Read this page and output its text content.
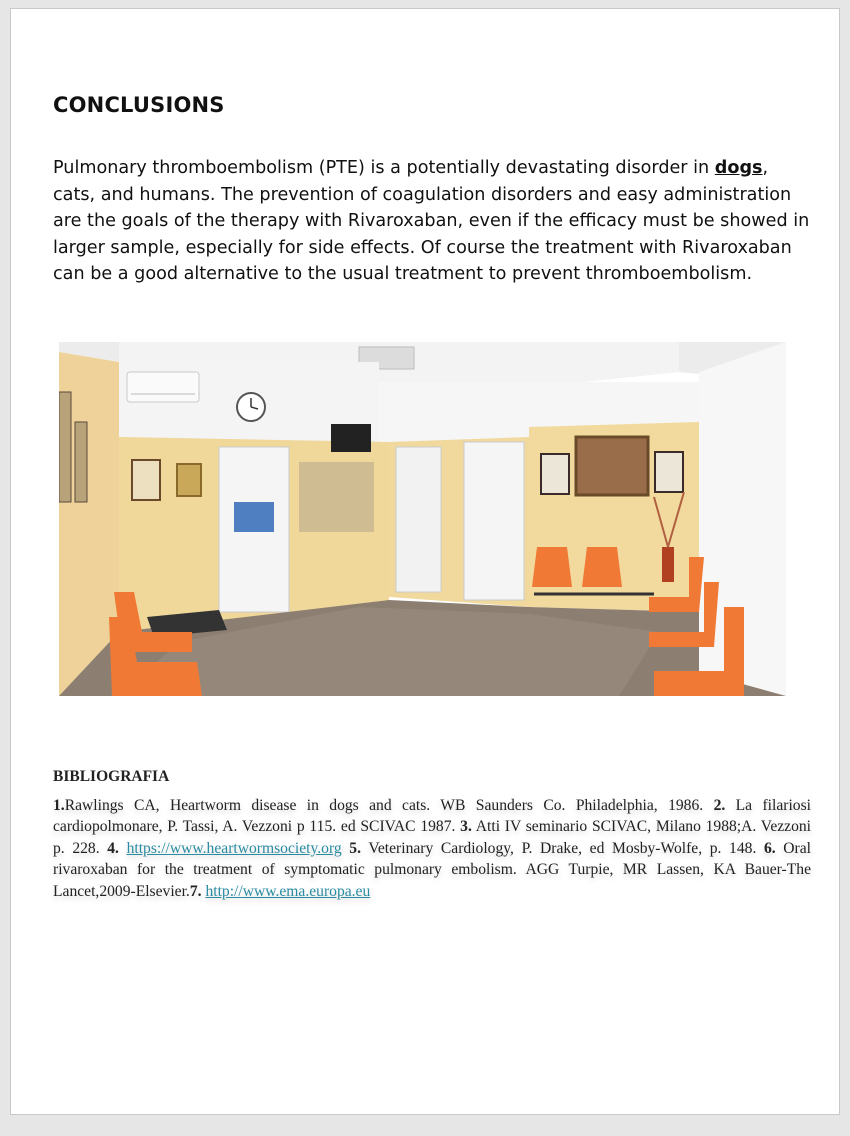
CONCLUSIONS
Pulmonary thromboembolism (PTE) is a potentially devastating disorder in dogs, cats, and humans. The prevention of coagulation disorders and easy administration are the goals of the therapy with Rivaroxaban, even if the efficacy must be showed in larger sample, especially for side effects. Of course the treatment with Rivaroxaban can be a good alternative to the usual treatment to prevent thromboembolism.
BIBLIOGRAFIA
1.Rawlings CA, Heartworm disease in dogs and cats. WB Saunders Co. Philadelphia, 1986. 2. La filariosi cardiopolmonare, P. Tassi, A. Vezzoni p 115. ed SCIVAC 1987. 3. Atti IV seminario SCIVAC, Milano 1988;A. Vezzoni p. 228. 4. https://www.heartwormsociety.org 5. Veterinary Cardiology, P. Drake, ed Mosby-Wolfe, p. 148. 6. Oral rivaroxaban for the treatment of symptomatic pulmonary embolism. AGG Turpie, MR Lassen, KA Bauer-The Lancet,2009-Elsevier.7. http://www.ema.europa.eu
